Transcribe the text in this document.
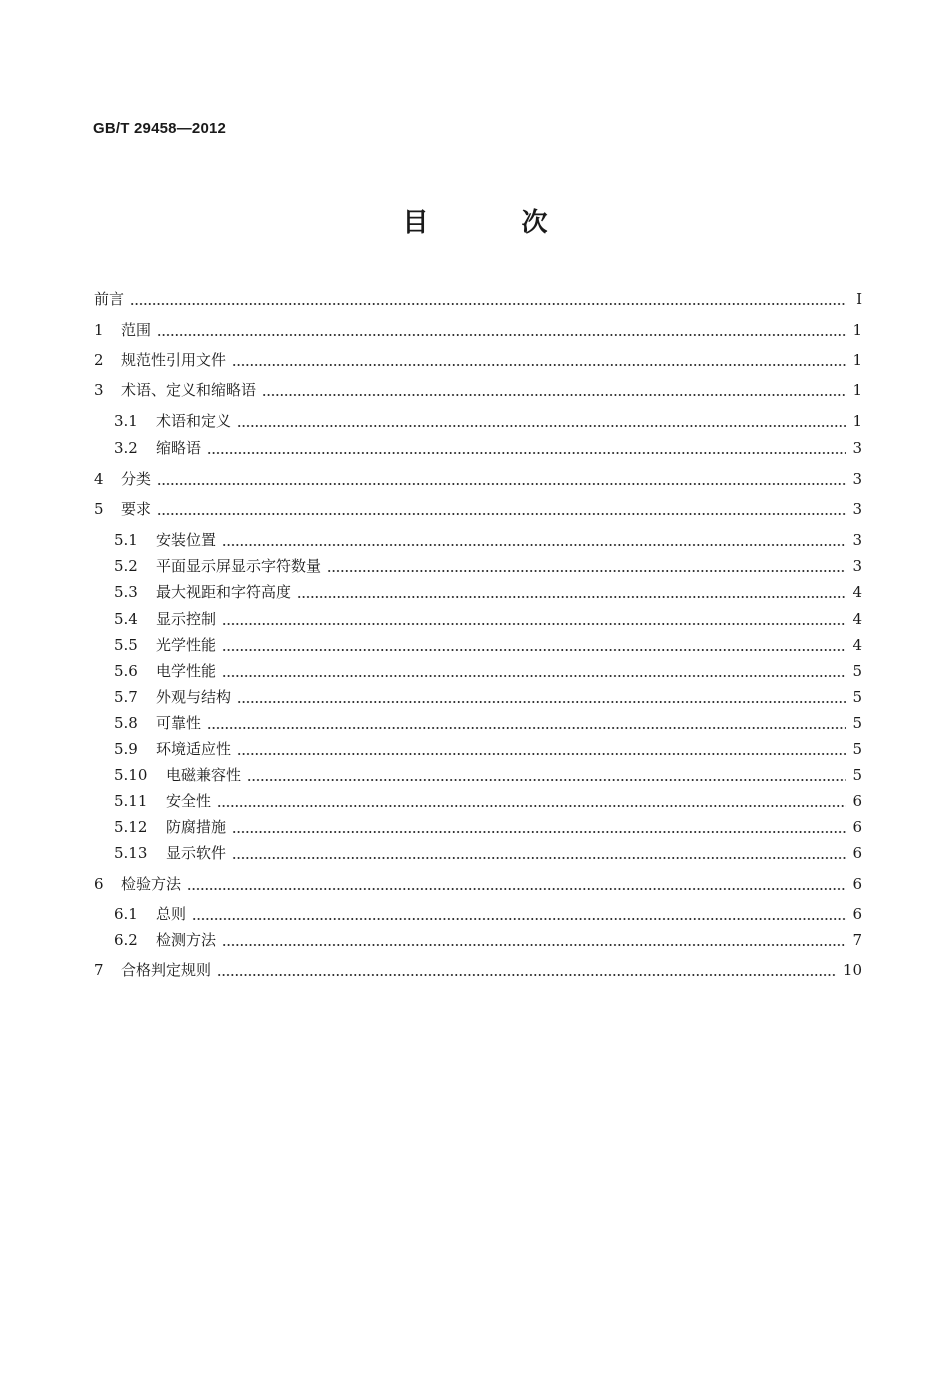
GB/T 29458—2012
目 次
前言	Ⅰ
1	范围	1
2	规范性引用文件	1
3	术语、定义和缩略语	1
3.1	术语和定义	1
3.2	缩略语	3
4	分类	3
5	要求	3
5.1	安装位置	3
5.2	平面显示屏显示字符数量	3
5.3	最大视距和字符高度	4
5.4	显示控制	4
5.5	光学性能	4
5.6	电学性能	5
5.7	外观与结构	5
5.8	可靠性	5
5.9	环境适应性	5
5.10	电磁兼容性	5
5.11	安全性	6
5.12	防腐措施	6
5.13	显示软件	6
6	检验方法	6
6.1	总则	6
6.2	检测方法	7
7	合格判定规则	10
